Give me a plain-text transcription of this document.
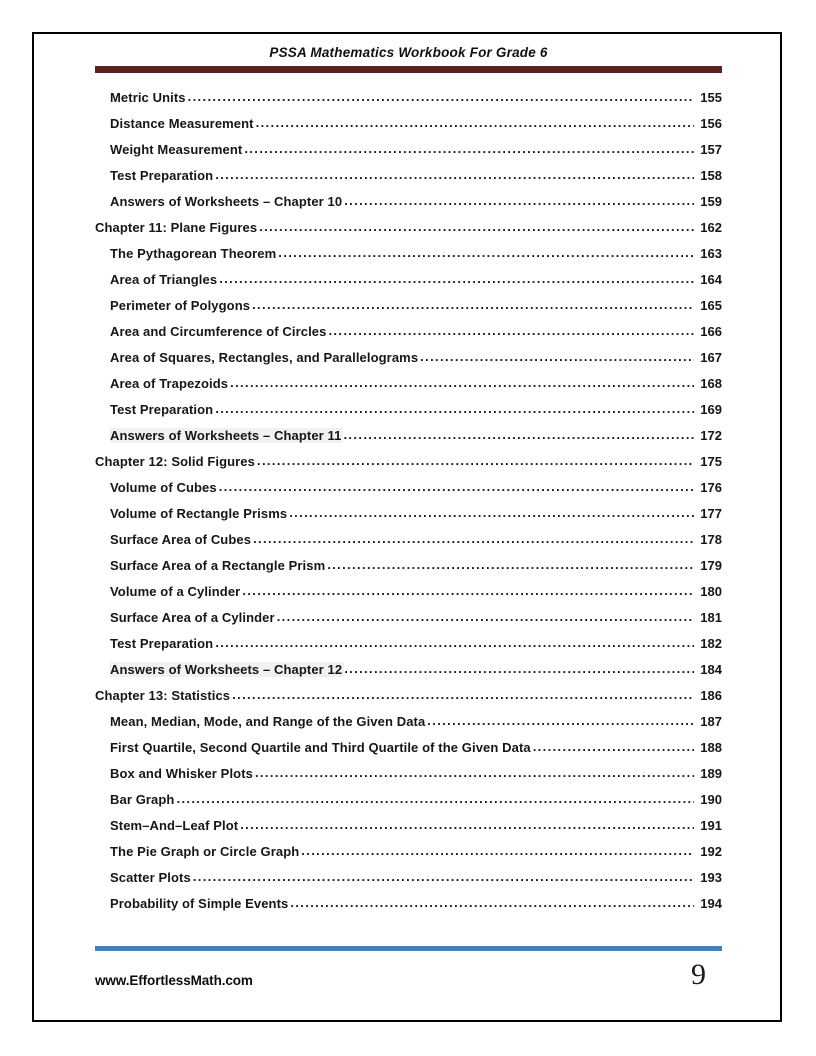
PSSA Mathematics Workbook For Grade 6
Metric Units .....	155
Distance Measurement .....	156
Weight Measurement .....	157
Test Preparation .....	158
Answers of Worksheets – Chapter 10 .....	159
Chapter 11: Plane Figures .....	162
The Pythagorean Theorem .....	163
Area of Triangles .....	164
Perimeter of Polygons .....	165
Area and Circumference of Circles .....	166
Area of Squares, Rectangles, and Parallelograms .....	167
Area of Trapezoids .....	168
Test Preparation .....	169
Answers of Worksheets – Chapter 11 .....	172
Chapter 12: Solid Figures .....	175
Volume of Cubes .....	176
Volume of Rectangle Prisms .....	177
Surface Area of Cubes .....	178
Surface Area of a Rectangle Prism .....	179
Volume of a Cylinder .....	180
Surface Area of a Cylinder .....	181
Test Preparation .....	182
Answers of Worksheets – Chapter 12 .....	184
Chapter 13: Statistics .....	186
Mean, Median, Mode, and Range of the Given Data .....	187
First Quartile, Second Quartile and Third Quartile of the Given Data .....	188
Box and Whisker Plots .....	189
Bar Graph .....	190
Stem–And–Leaf Plot .....	191
The Pie Graph or Circle Graph .....	192
Scatter Plots .....	193
Probability of Simple Events .....	194
www.EffortlessMath.com	9
